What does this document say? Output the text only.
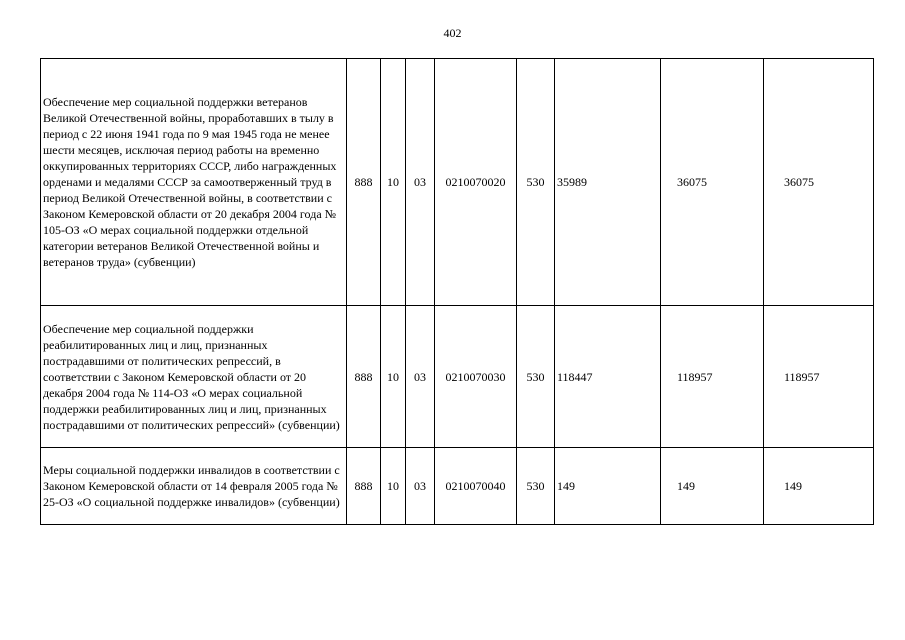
402
Обеспечение мер социальной поддержки ветеранов Великой Отечественной войны, проработавших в тылу в период с 22 июня 1941 года по 9 мая 1945 года не менее шести месяцев, исключая период работы на временно оккупированных территориях СССР, либо награжденных орденами и медалями СССР за самоотверженный труд в период Великой Отечественной войны, в соответствии с Законом Кемеровской области от 20 декабря 2004 года № 105-ОЗ «О мерах социальной поддержки отдельной категории ветеранов Великой Отечественной войны и ветеранов труда» (субвенции)	888	10	03	0210070020	530	35989	36075	36075
Обеспечение мер социальной поддержки реабилитированных лиц и лиц, признанных пострадавшими от политических репрессий, в соответствии с Законом Кемеровской области от 20 декабря 2004 года № 114-ОЗ «О мерах социальной поддержки реабилитированных лиц и лиц, признанных пострадавшими от политических репрессий» (субвенции)	888	10	03	0210070030	530	118447	118957	118957
Меры социальной поддержки инвалидов в соответствии с Законом Кемеровской области от 14 февраля 2005 года № 25-ОЗ «О социальной поддержке инвалидов» (субвенции)	888	10	03	0210070040	530	149	149	149
